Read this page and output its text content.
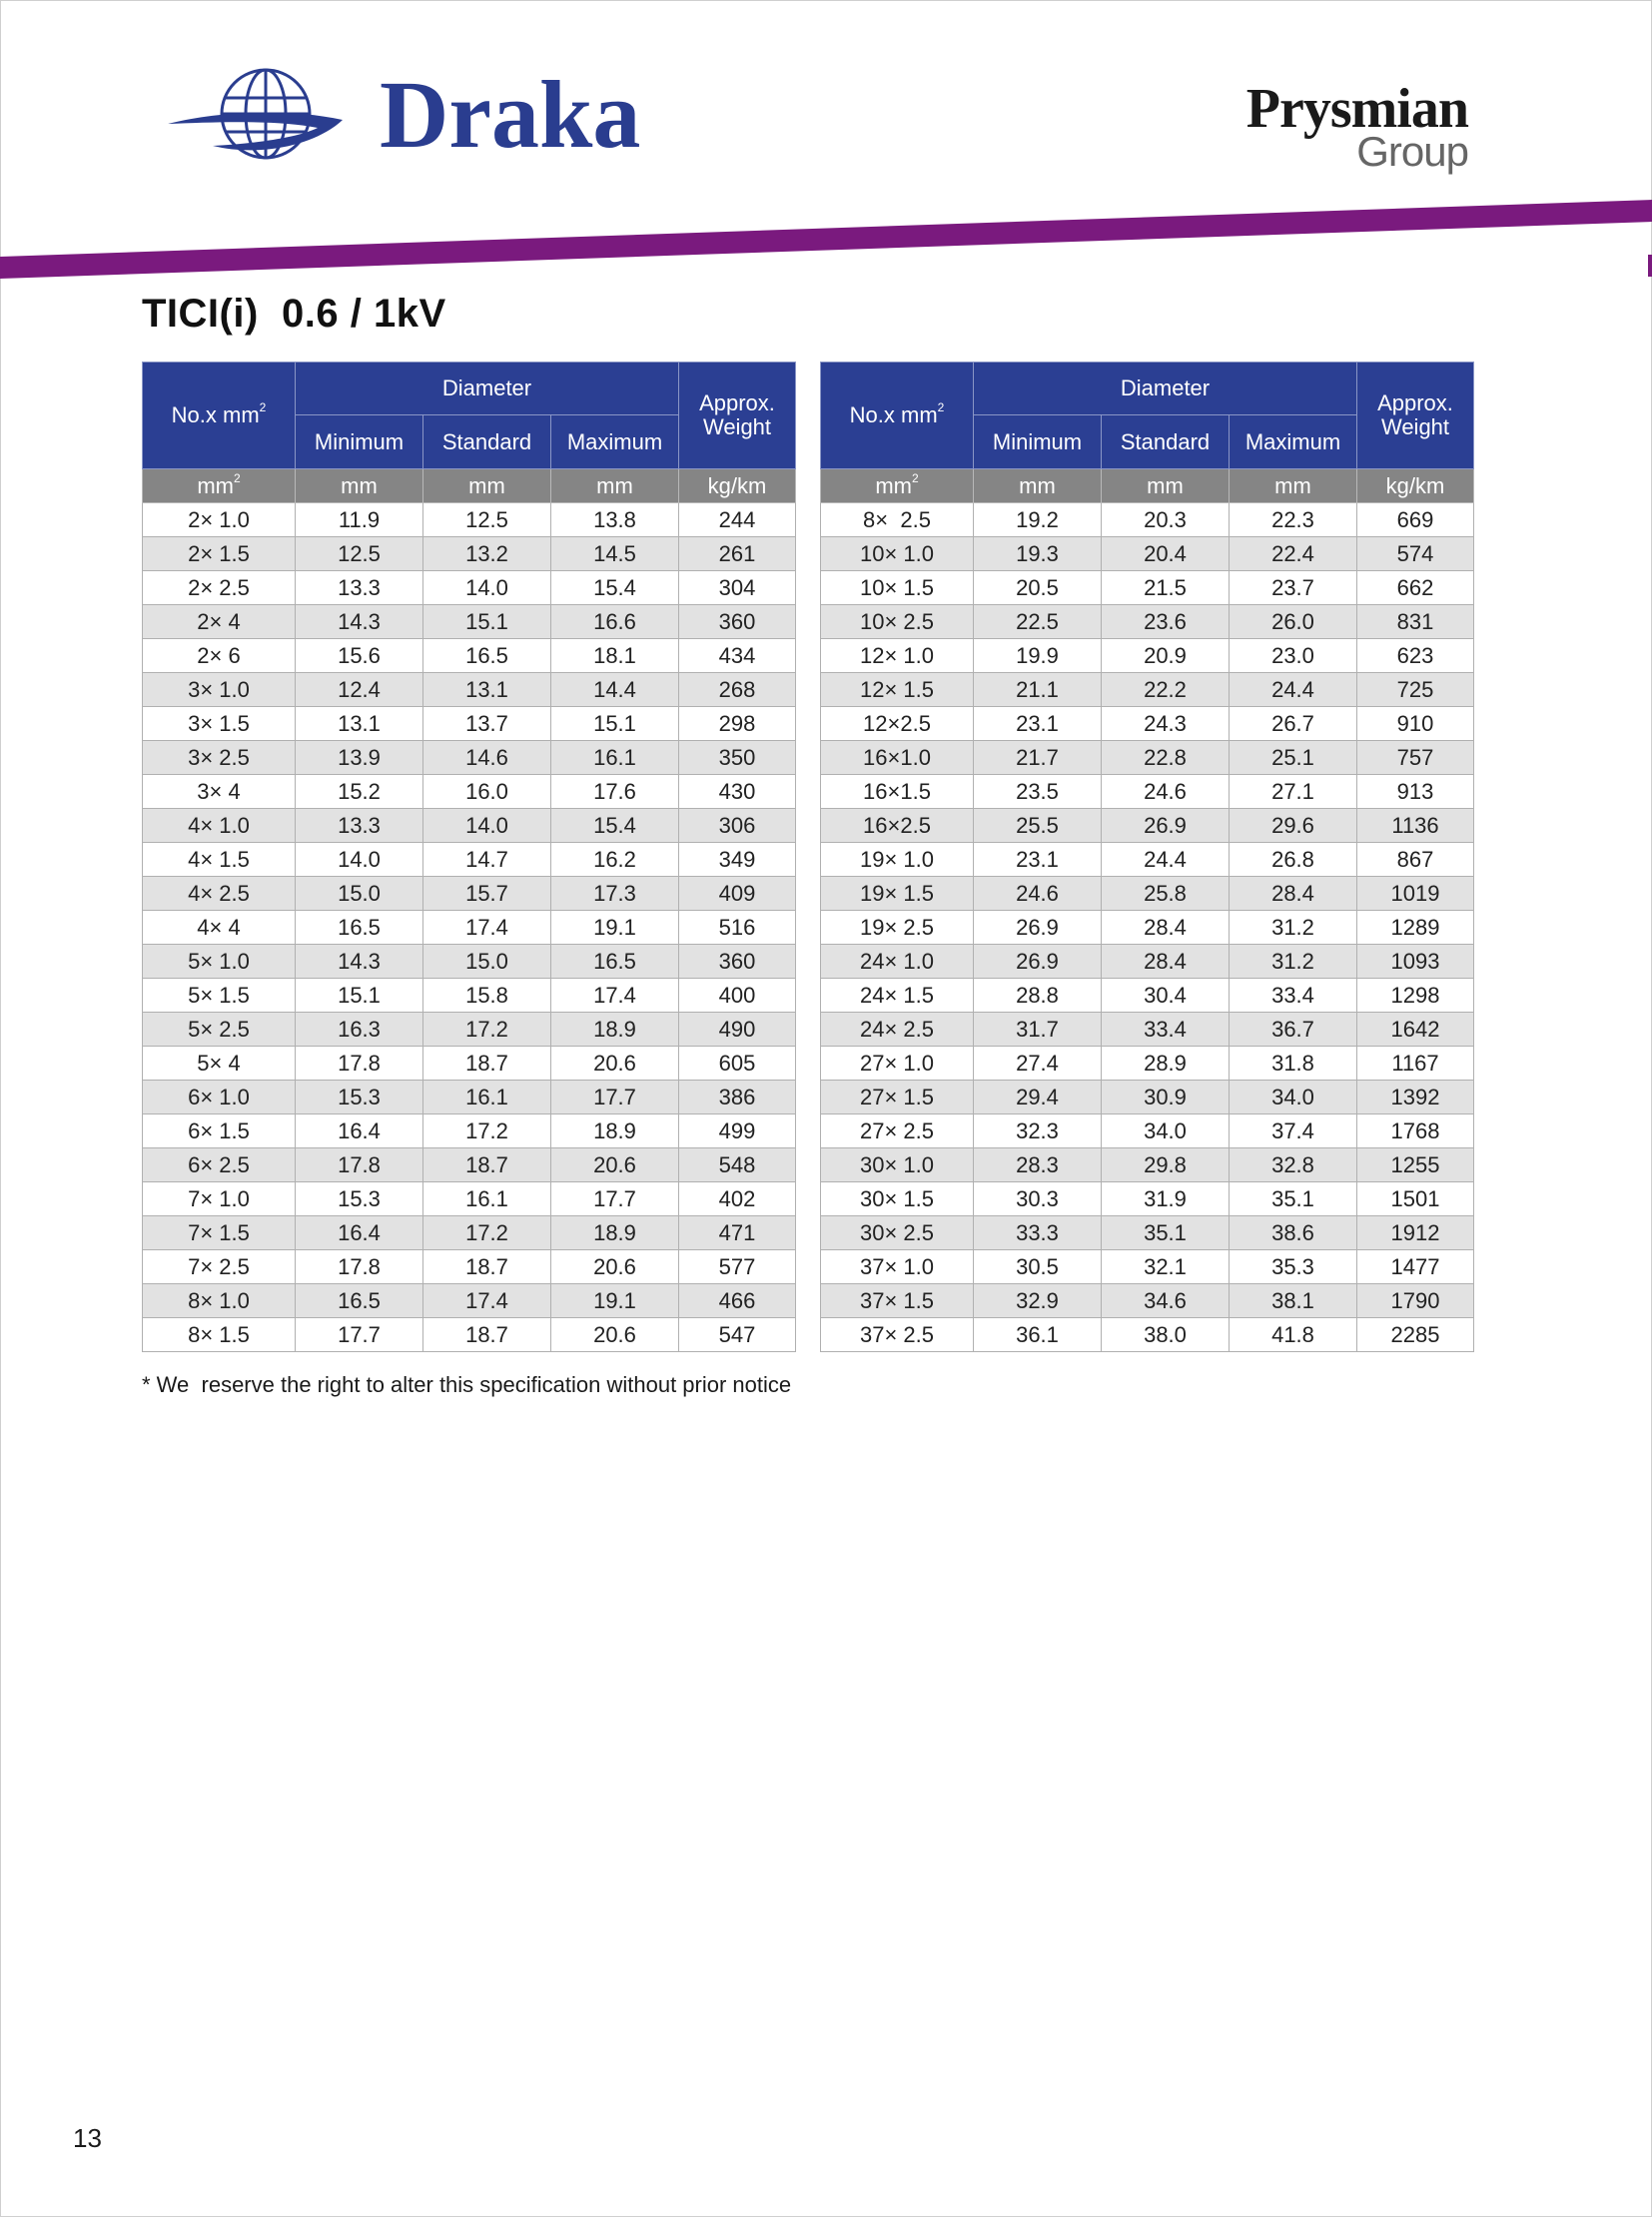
Draka	Prysmian
Group
TICI(i)  0.6 / 1kV
No.x $mm^2$	Diameter			Approx. Weight
	Minimum	Standard	Maximum	
$mm^2$	mm	mm	mm	kg/km
2× 1.0	11.9	12.5	13.8	244
2× 1.5	12.5	13.2	14.5	261
2× 2.5	13.3	14.0	15.4	304
2× 4	14.3	15.1	16.6	360
2× 6	15.6	16.5	18.1	434
3× 1.0	12.4	13.1	14.4	268
3× 1.5	13.1	13.7	15.1	298
3× 2.5	13.9	14.6	16.1	350
3× 4	15.2	16.0	17.6	430
4× 1.0	13.3	14.0	15.4	306
4× 1.5	14.0	14.7	16.2	349
4× 2.5	15.0	15.7	17.3	409
4× 4	16.5	17.4	19.1	516
5× 1.0	14.3	15.0	16.5	360
5× 1.5	15.1	15.8	17.4	400
5× 2.5	16.3	17.2	18.9	490
5× 4	17.8	18.7	20.6	605
6× 1.0	15.3	16.1	17.7	386
6× 1.5	16.4	17.2	18.9	499
6× 2.5	17.8	18.7	20.6	548
7× 1.0	15.3	16.1	17.7	402
7× 1.5	16.4	17.2	18.9	471
7× 2.5	17.8	18.7	20.6	577
8× 1.0	16.5	17.4	19.1	466
8× 1.5	17.7	18.7	20.6	547
No.x $mm^2$	Diameter			Approx. Weight
	Minimum	Standard	Maximum	
$mm^2$	mm	mm	mm	kg/km
8×  2.5	19.2	20.3	22.3	669
10× 1.0	19.3	20.4	22.4	574
10× 1.5	20.5	21.5	23.7	662
10× 2.5	22.5	23.6	26.0	831
12× 1.0	19.9	20.9	23.0	623
12× 1.5	21.1	22.2	24.4	725
12×2.5	23.1	24.3	26.7	910
16×1.0	21.7	22.8	25.1	757
16×1.5	23.5	24.6	27.1	913
16×2.5	25.5	26.9	29.6	1136
19× 1.0	23.1	24.4	26.8	867
19× 1.5	24.6	25.8	28.4	1019
19× 2.5	26.9	28.4	31.2	1289
24× 1.0	26.9	28.4	31.2	1093
24× 1.5	28.8	30.4	33.4	1298
24× 2.5	31.7	33.4	36.7	1642
27× 1.0	27.4	28.9	31.8	1167
27× 1.5	29.4	30.9	34.0	1392
27× 2.5	32.3	34.0	37.4	1768
30× 1.0	28.3	29.8	32.8	1255
30× 1.5	30.3	31.9	35.1	1501
30× 2.5	33.3	35.1	38.6	1912
37× 1.0	30.5	32.1	35.3	1477
37× 1.5	32.9	34.6	38.1	1790
37× 2.5	36.1	38.0	41.8	2285
* We  reserve the right to alter this specification without prior notice
13
